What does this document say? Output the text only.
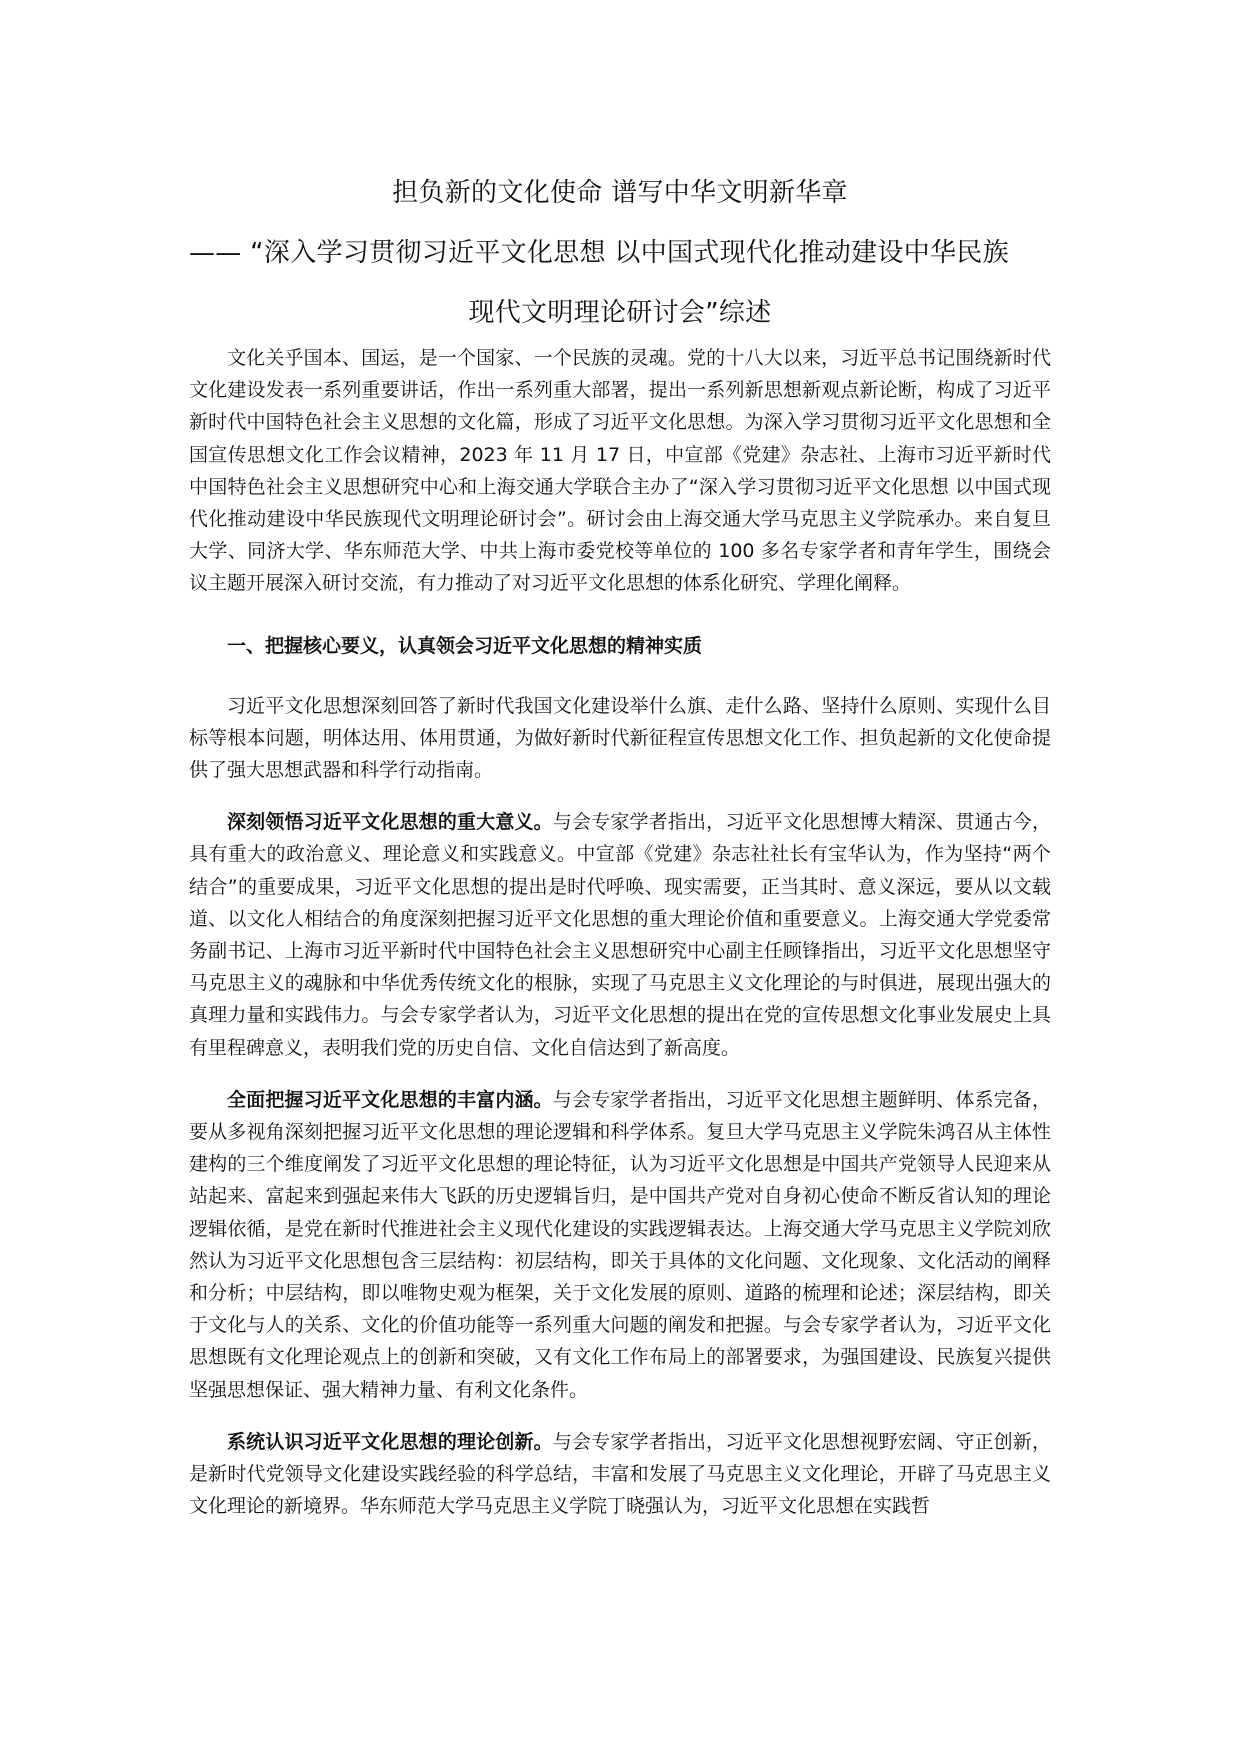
担负新的文化使命 谱写中华文明新华章
—— “深入学习贯彻习近平文化思想 以中国式现代化推动建设中华民族
现代文明理论研讨会”综述

文化关乎国本、国运，是一个国家、一个民族的灵魂。党的十八大以来，习近平总书记围绕新时代文化建设发表一系列重要讲话，作出一系列重大部署，提出一系列新思想新观点新论断，构成了习近平新时代中国特色社会主义思想的文化篇，形成了习近平文化思想。为深入学习贯彻习近平文化思想和全国宣传思想文化工作会议精神，2023 年 11 月 17 日，中宣部《党建》杂志社、上海市习近平新时代中国特色社会主义思想研究中心和上海交通大学联合主办了“深入学习贯彻习近平文化思想 以中国式现代化推动建设中华民族现代文明理论研讨会”。研讨会由上海交通大学马克思主义学院承办。来自复旦大学、同济大学、华东师范大学、中共上海市委党校等单位的 100 多名专家学者和青年学生，围绕会议主题开展深入研讨交流，有力推动了对习近平文化思想的体系化研究、学理化阐释。

一、把握核心要义，认真领会习近平文化思想的精神实质

习近平文化思想深刻回答了新时代我国文化建设举什么旗、走什么路、坚持什么原则、实现什么目标等根本问题，明体达用、体用贯通，为做好新时代新征程宣传思想文化工作、担负起新的文化使命提供了强大思想武器和科学行动指南。

深刻领悟习近平文化思想的重大意义。与会专家学者指出，习近平文化思想博大精深、贯通古今，具有重大的政治意义、理论意义和实践意义。中宣部《党建》杂志社社长有宝华认为，作为坚持“两个结合”的重要成果，习近平文化思想的提出是时代呼唤、现实需要，正当其时、意义深远，要从以文载道、以文化人相结合的角度深刻把握习近平文化思想的重大理论价值和重要意义。上海交通大学党委常务副书记、上海市习近平新时代中国特色社会主义思想研究中心副主任顾锋指出，习近平文化思想坚守马克思主义的魂脉和中华优秀传统文化的根脉，实现了马克思主义文化理论的与时俱进，展现出强大的真理力量和实践伟力。与会专家学者认为，习近平文化思想的提出在党的宣传思想文化事业发展史上具有里程碑意义，表明我们党的历史自信、文化自信达到了新高度。

全面把握习近平文化思想的丰富内涵。与会专家学者指出，习近平文化思想主题鲜明、体系完备，要从多视角深刻把握习近平文化思想的理论逻辑和科学体系。复旦大学马克思主义学院朱鸿召从主体性建构的三个维度阐发了习近平文化思想的理论特征，认为习近平文化思想是中国共产党领导人民迎来从站起来、富起来到强起来伟大飞跃的历史逻辑旨归，是中国共产党对自身初心使命不断反省认知的理论逻辑依循，是党在新时代推进社会主义现代化建设的实践逻辑表达。上海交通大学马克思主义学院刘欣然认为习近平文化思想包含三层结构：初层结构，即关于具体的文化问题、文化现象、文化活动的阐释和分析；中层结构，即以唯物史观为框架，关于文化发展的原则、道路的梳理和论述；深层结构，即关于文化与人的关系、文化的价值功能等一系列重大问题的阐发和把握。与会专家学者认为，习近平文化思想既有文化理论观点上的创新和突破，又有文化工作布局上的部署要求，为强国建设、民族复兴提供坚强思想保证、强大精神力量、有利文化条件。

系统认识习近平文化思想的理论创新。与会专家学者指出，习近平文化思想视野宏阔、守正创新，是新时代党领导文化建设实践经验的科学总结，丰富和发展了马克思主义文化理论，开辟了马克思主义文化理论的新境界。华东师范大学马克思主义学院丁晓强认为，习近平文化思想在实践哲
